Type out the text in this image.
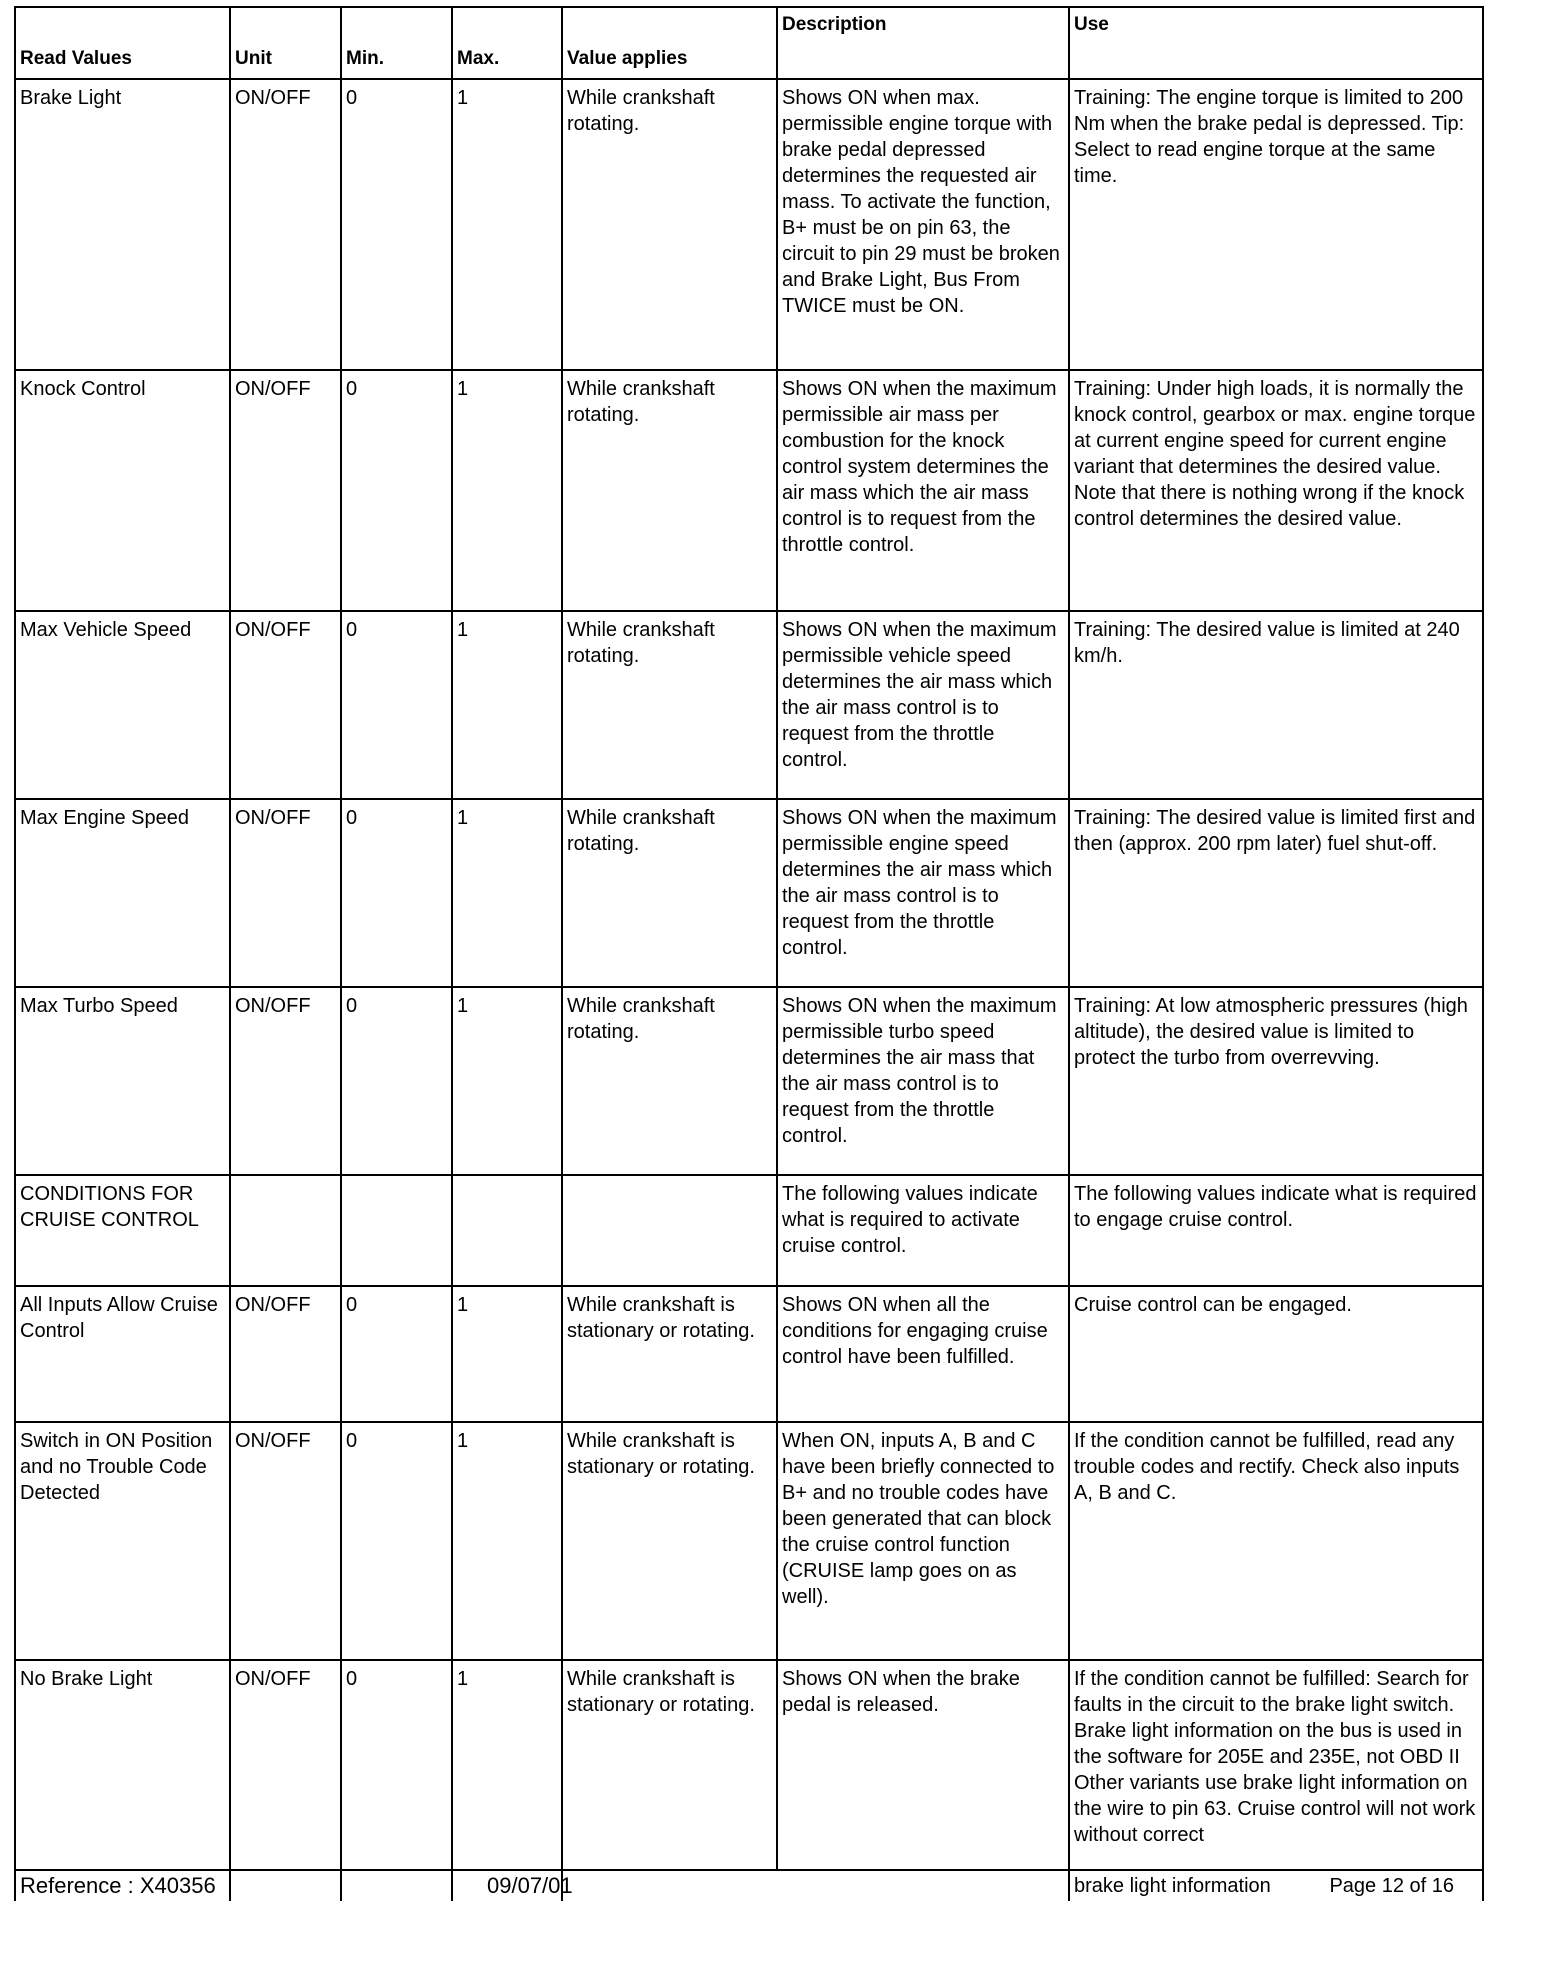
Read Values	Unit	Min.	Max.	Value applies	Description	Use
Brake Light	ON/OFF	0	1	While crankshaft rotating.	Shows ON when max. permissible engine torque with brake pedal depressed determines the requested air mass. To activate the function, B+ must be on pin 63, the circuit to pin 29 must be broken and Brake Light, Bus From TWICE must be ON.	Training: The engine torque is limited to 200 Nm when the brake pedal is depressed. Tip: Select to read engine torque at the same time.
Knock Control	ON/OFF	0	1	While crankshaft rotating.	Shows ON when the maximum permissible air mass per combustion for the knock control system determines the air mass which the air mass control is to request from the throttle control.	Training: Under high loads, it is normally the knock control, gearbox or max. engine torque at current engine speed for current engine variant that determines the desired value. Note that there is nothing wrong if the knock control determines the desired value.
Max Vehicle Speed	ON/OFF	0	1	While crankshaft rotating.	Shows ON when the maximum permissible vehicle speed determines the air mass which the air mass control is to request from the throttle control.	Training: The desired value is limited at 240 km/h.
Max Engine Speed	ON/OFF	0	1	While crankshaft rotating.	Shows ON when the maximum permissible engine speed determines the air mass which the air mass control is to request from the throttle control.	Training: The desired value is limited first and then (approx. 200 rpm later) fuel shut-off.
Max Turbo Speed	ON/OFF	0	1	While crankshaft rotating.	Shows ON when the maximum permissible turbo speed determines the air mass that the air mass control is to request from the throttle control.	Training: At low atmospheric pressures (high altitude), the desired value is limited to protect the turbo from overrevving.
CONDITIONS FOR CRUISE CONTROL					The following values indicate what is required to activate cruise control.	The following values indicate what is required to engage cruise control.
All Inputs Allow Cruise Control	ON/OFF	0	1	While crankshaft is stationary or rotating.	Shows ON when all the conditions for engaging cruise control have been fulfilled.	Cruise control can be engaged.
Switch in ON Position and no Trouble Code Detected	ON/OFF	0	1	While crankshaft is stationary or rotating.	When ON, inputs A, B and C have been briefly connected to B+ and no trouble codes have been generated that can block the cruise control function (CRUISE lamp goes on as well).	If the condition cannot be fulfilled, read any trouble codes and rectify. Check also inputs A, B and C.
No Brake Light	ON/OFF	0	1	While crankshaft is stationary or rotating.	Shows ON when the brake pedal is released.	If the condition cannot be fulfilled: Search for faults in the circuit to the brake light switch. Brake light information on the bus is used in the software for 205E and 235E, not OBD II Other variants use brake light information on the wire to pin 63. Cruise control will not work without correct
Reference : X40356				09/07/01		brake light information Page 12 of 16
